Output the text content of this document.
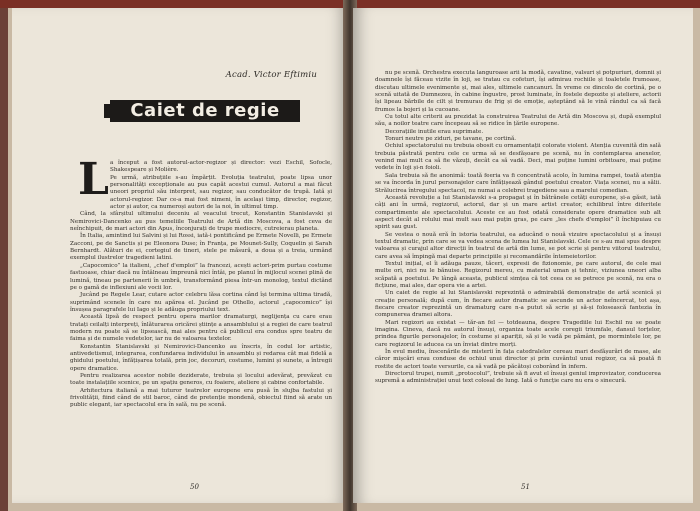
Acad. Victor Eftimiu
Caiet de regie
L a început a fost autorul-actor-regizor și director: vezi Eschil, Sofocle, Shakespeare și Molière.

Pe urmă, atribuțiile s-au împărțit. Evoluția teatrului, poate lipsa unor personalități excepționale au pus capăt acestui cumul. Autorul a mai făcut uneori propriul său interpret, sau regizor, sau conducător de trupă. Iată și actorul-regizor. Dar ce-a mai fost nimeni, în același timp, director, regizor, actor și autor, ca numeroși autori de la noi, în ultimul timp.

Când, la sfârșitul ultimului deceniu al veacului trecut, Konstantin Stanislavski și Nemirovici-Dancenko au pus temeliile Teatrului de Artă din Moscova, a fost ceva de neînchipuit, de mari actori din Apus, înconjurați de trupe mediocre, cutreierau planeta.

În Italia, amintind lui Salvini și lui Rossi, iată-i pontificând pe Ermete Novelli, pe Ermete Zacconi, pe de Sanctis și pe Eleonora Duse; în Franța, pe Mounet-Sully, Coquelin și Sarah Bernhardt. Alături de ei, cortegiul de tineri, stele pe măsură, a doua și a treia, urmând exemplul ilustrelor tragedieni latini.

„Capocomico” la italieni, „chef d'emploi” la francezi, acești actori-prim purtau costume fastuoase, chiar dacă nu întâlneau împreună nici întâi, pe planul în mijlocul scenei plină de lumină, tineau pe partenerii în umbră, transformând piesa într-un monolog, textul dictând pe o gamă de inflexiuni ale vocii lor.

Jucând pe Regele Lear, cutare actor celebru lăsa cortina când își termina ultima tiradă, suprimând scenele în care nu apărea el. Jucând pe Othello, actorul „capocomico” își însușea paragrafele lui Iago și le adăuga propriului text.

Această lipsă de respect pentru opera marilor dramaturgi, neglijența cu care erau tratați ceilalți interpreți, înlăturarea oricărei științe a ansamblului și a regiei de care teatrul modern nu poate să se lipsească, mai ales pentru că publicul era condus spre teatru de faima și de numele vedetelor, iar nu de valoarea textelor.

Konstantin Stanislavski și Nemirovici-Dancenko au înscris, în codul lor artistic, antivedetismul, integrarea, confundarea individului în ansamblu și redarea cât mai fidelă a ghidului poetului, înfățișarea totală, prin joc, decoruri, costume, lumini și sunete, a întregii opere dramatice.

Pentru realizarea acestor nobile deziderate, trebuia și locului adevărat, prevăzut cu toate instalațiile scenice, pe un spațiu generos, cu foaiere, ateliere și cabine confortabile.

Arhitectura italiană a mai tuturor teatrelor europene era pusă în slujba fastului și frivolității, fiind când de stil baroc, când de pretenție mondenă, obiectul fiind să arate un public elegant, iar spectacolul era în sală, nu pe scenă.

50

nu pe scenă. Orchestra executa languroase arii la modă, cavatine, valsuri și potpuriuri, domnii și doamnele își făceau vizite în loji, se tratau cu cofeturi, își admirau rochiile și toaletele frumoase, discutau ultimele evenimente și, mai ales, ultimele cancanuri. În vreme ce dincolo de cortină, pe o scenă uitată de Dumnezeu, în cabine îngustre, prost luminate, în fostele depozite și ateliere, actorii își lipeau bărbile de cilt și tremurau de frig și de emoție, așteptând să le vină rândul ca să facă frumos la bojeri și la cucoane.

Cu totul alte criterii au prezidat la construirea Teatrului de Artă din Moscova și, după exemplul său, a noilor teatre care începeau să se ridice în țările europene.

Decorațiile inutile erau suprimate.

Tonuri neutre pe ziduri, pe tavane, pe cortină.

Ochiul spectatorului nu trebuia obosit cu ornamentații colorate violent. Atenția cuvenită din sală trebuia păstrată pentru cele ce urma să se desfășoare pe scenă, nu în contemplarea anexelor, venind mai mult ca să fie văzuți, decât ca să vadă. Deci, mai puține lumini orbitoare, mai puține vedete în loji și-n foioli.

Sala trebuia să fie anonimă: toată feeria va fi concentrată acolo, în lumina rampei, toată atenția se va încorda în jurul personajelor care înfățișează gândul poetului creator. Viața scenei, nu a sălii. Strălucirea întregului spectacol, nu numai a celebrei tragediene sau a marelui comedian.

Această revoluție a lui Stanislavski s-a propagat și în bătrânele cetăți europene, și-a găsit, iată câți ani în urmă, regizorul, actorul, dar și un mare artist creator, echilibrul între diferitele compartimente ale spectacolului. Aceste ce au fost odată considerate opere dramatice sub alt aspect decât al rolului mai mult sau mai puțin gras, pe care „les chefs d'emploi” îl închipuiau cu spirit sau gust.

Se vestea o nouă eră în istoria teatrului, ea aducând o nouă vizuire spectacolului și a însuși textul dramatic, prin care se va vedea scena de lumea lui Stanislavski. Cele ce s-au mai spus despre valoarea și curajul altor direcții în teatrul de artă din lume, se pot scrie și pentru viitorul teatrului, care avea să împingă mai departe principiile și recomandările întemeietorilor.

Textul inițial, el îi adăuga pauze, tăceri, expresii de fizionomie, pe care autorul, de cele mai multe ori, nici nu le bănuise. Regizorul mereu, cu material uman și tehnic, viziunea uneori alba scăpată a poetului. Pe lângă aceasta, publicul simțea că tot ceea ce se petrece pe scenă, nu era o ficțiune, mai ales, dar opera vie a artei.

Un caiet de regie al lui Stanislavski reprezintă o admirabilă demonstrație de artă scenică și creație personală; după cum, în fiecare autor dramatic se ascunde un actor neîncercat, tot așa, fiecare creator reprezintă un dramaturg care n-a putut să scrie și să-și folosească fantezia în compunerea dramei altora.

Mari regizori au existat — tăr-an fel — totdeauna, despre Tragediile lui Eschil nu se poate imagina. Cineva, dacă nu autorul însuși, organiza toate acele coregii triumfale, dansul torțelor, prindea figurile personajelor, în costume și apariții, să și le vadă pe pământ, pe mormintele lor, pe care regizorul le aducea ca un înviat dintre morți.

În evul mediu, înscenările de misterii în fața catedralelor cereau mari desfășurări de mase, ale căror mișcări erau conduse de ochiul unui director și prin cuvântul unui regizor, ca să poată fi rostite de actori toate versurile, ca să vadă pe păcătoși coborând în infern.

Directorul trupei, numit „protocolul”, trebuie să fi avut el însuși geniul improvizator, conducerea supremă a administrației unui text colosal de lung. Iată o funcție care nu era o sinecură.

51
